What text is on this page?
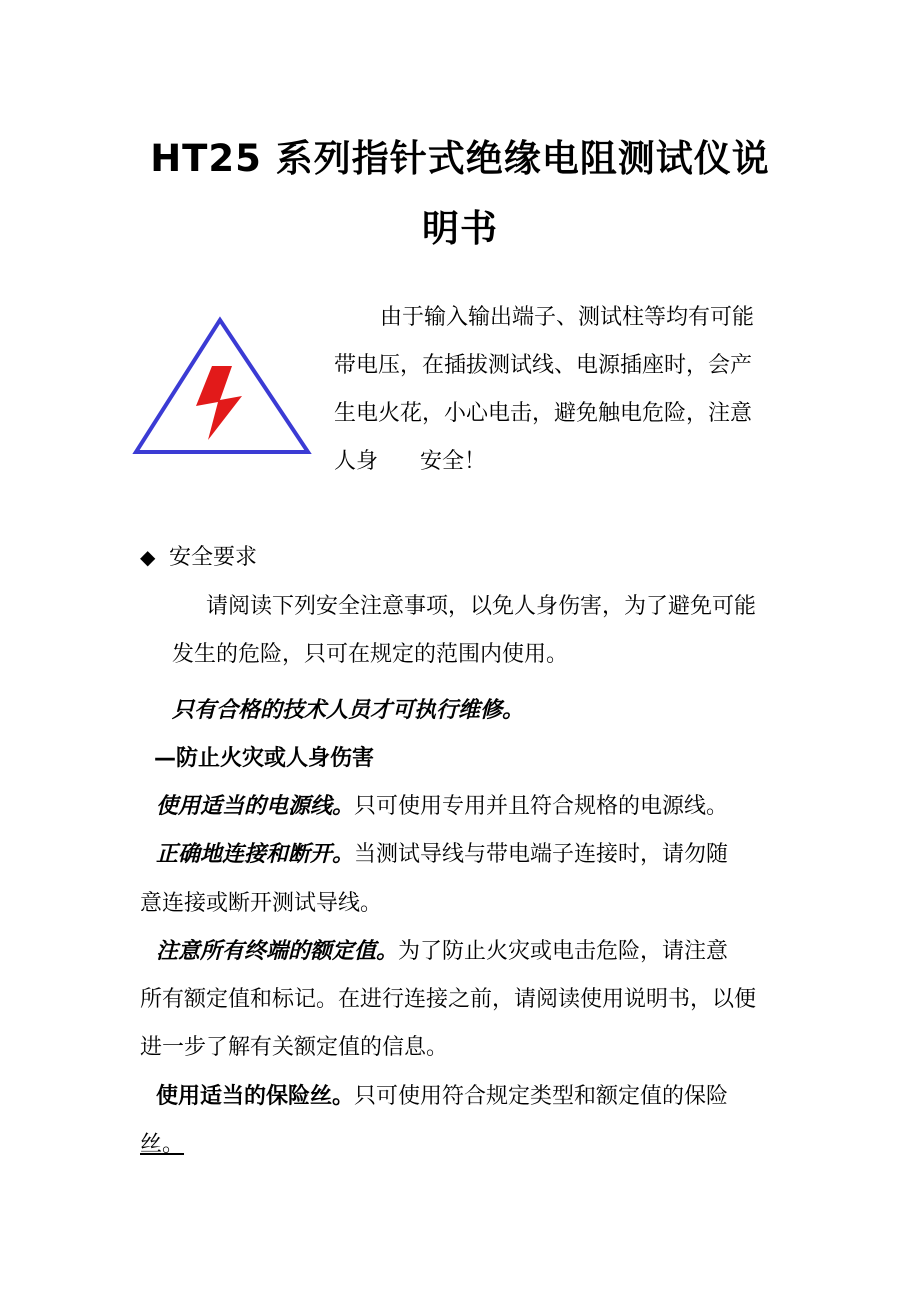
HT25 系列指针式绝缘电阻测试仪说
明书

由于输入输出端子、测试柱等均有可能

带电压，在插拔测试线、电源插座时，会产

生电火花，小心电击，避免触电危险，注意

人身      安全！

◆ 安全要求

请阅读下列安全注意事项，以免人身伤害，为了避免可能

发生的危险，只可在规定的范围内使用。

只有合格的技术人员才可执行维修。

—防止火灾或人身伤害

使用适当的电源线。只可使用专用并且符合规格的电源线。

正确地连接和断开。当测试导线与带电端子连接时，请勿随

意连接或断开测试导线。

注意所有终端的额定值。为了防止火灾或电击危险，请注意

所有额定值和标记。在进行连接之前，请阅读使用说明书，以便

进一步了解有关额定值的信息。

使用适当的保险丝。只可使用符合规定类型和额定值的保险

丝。
